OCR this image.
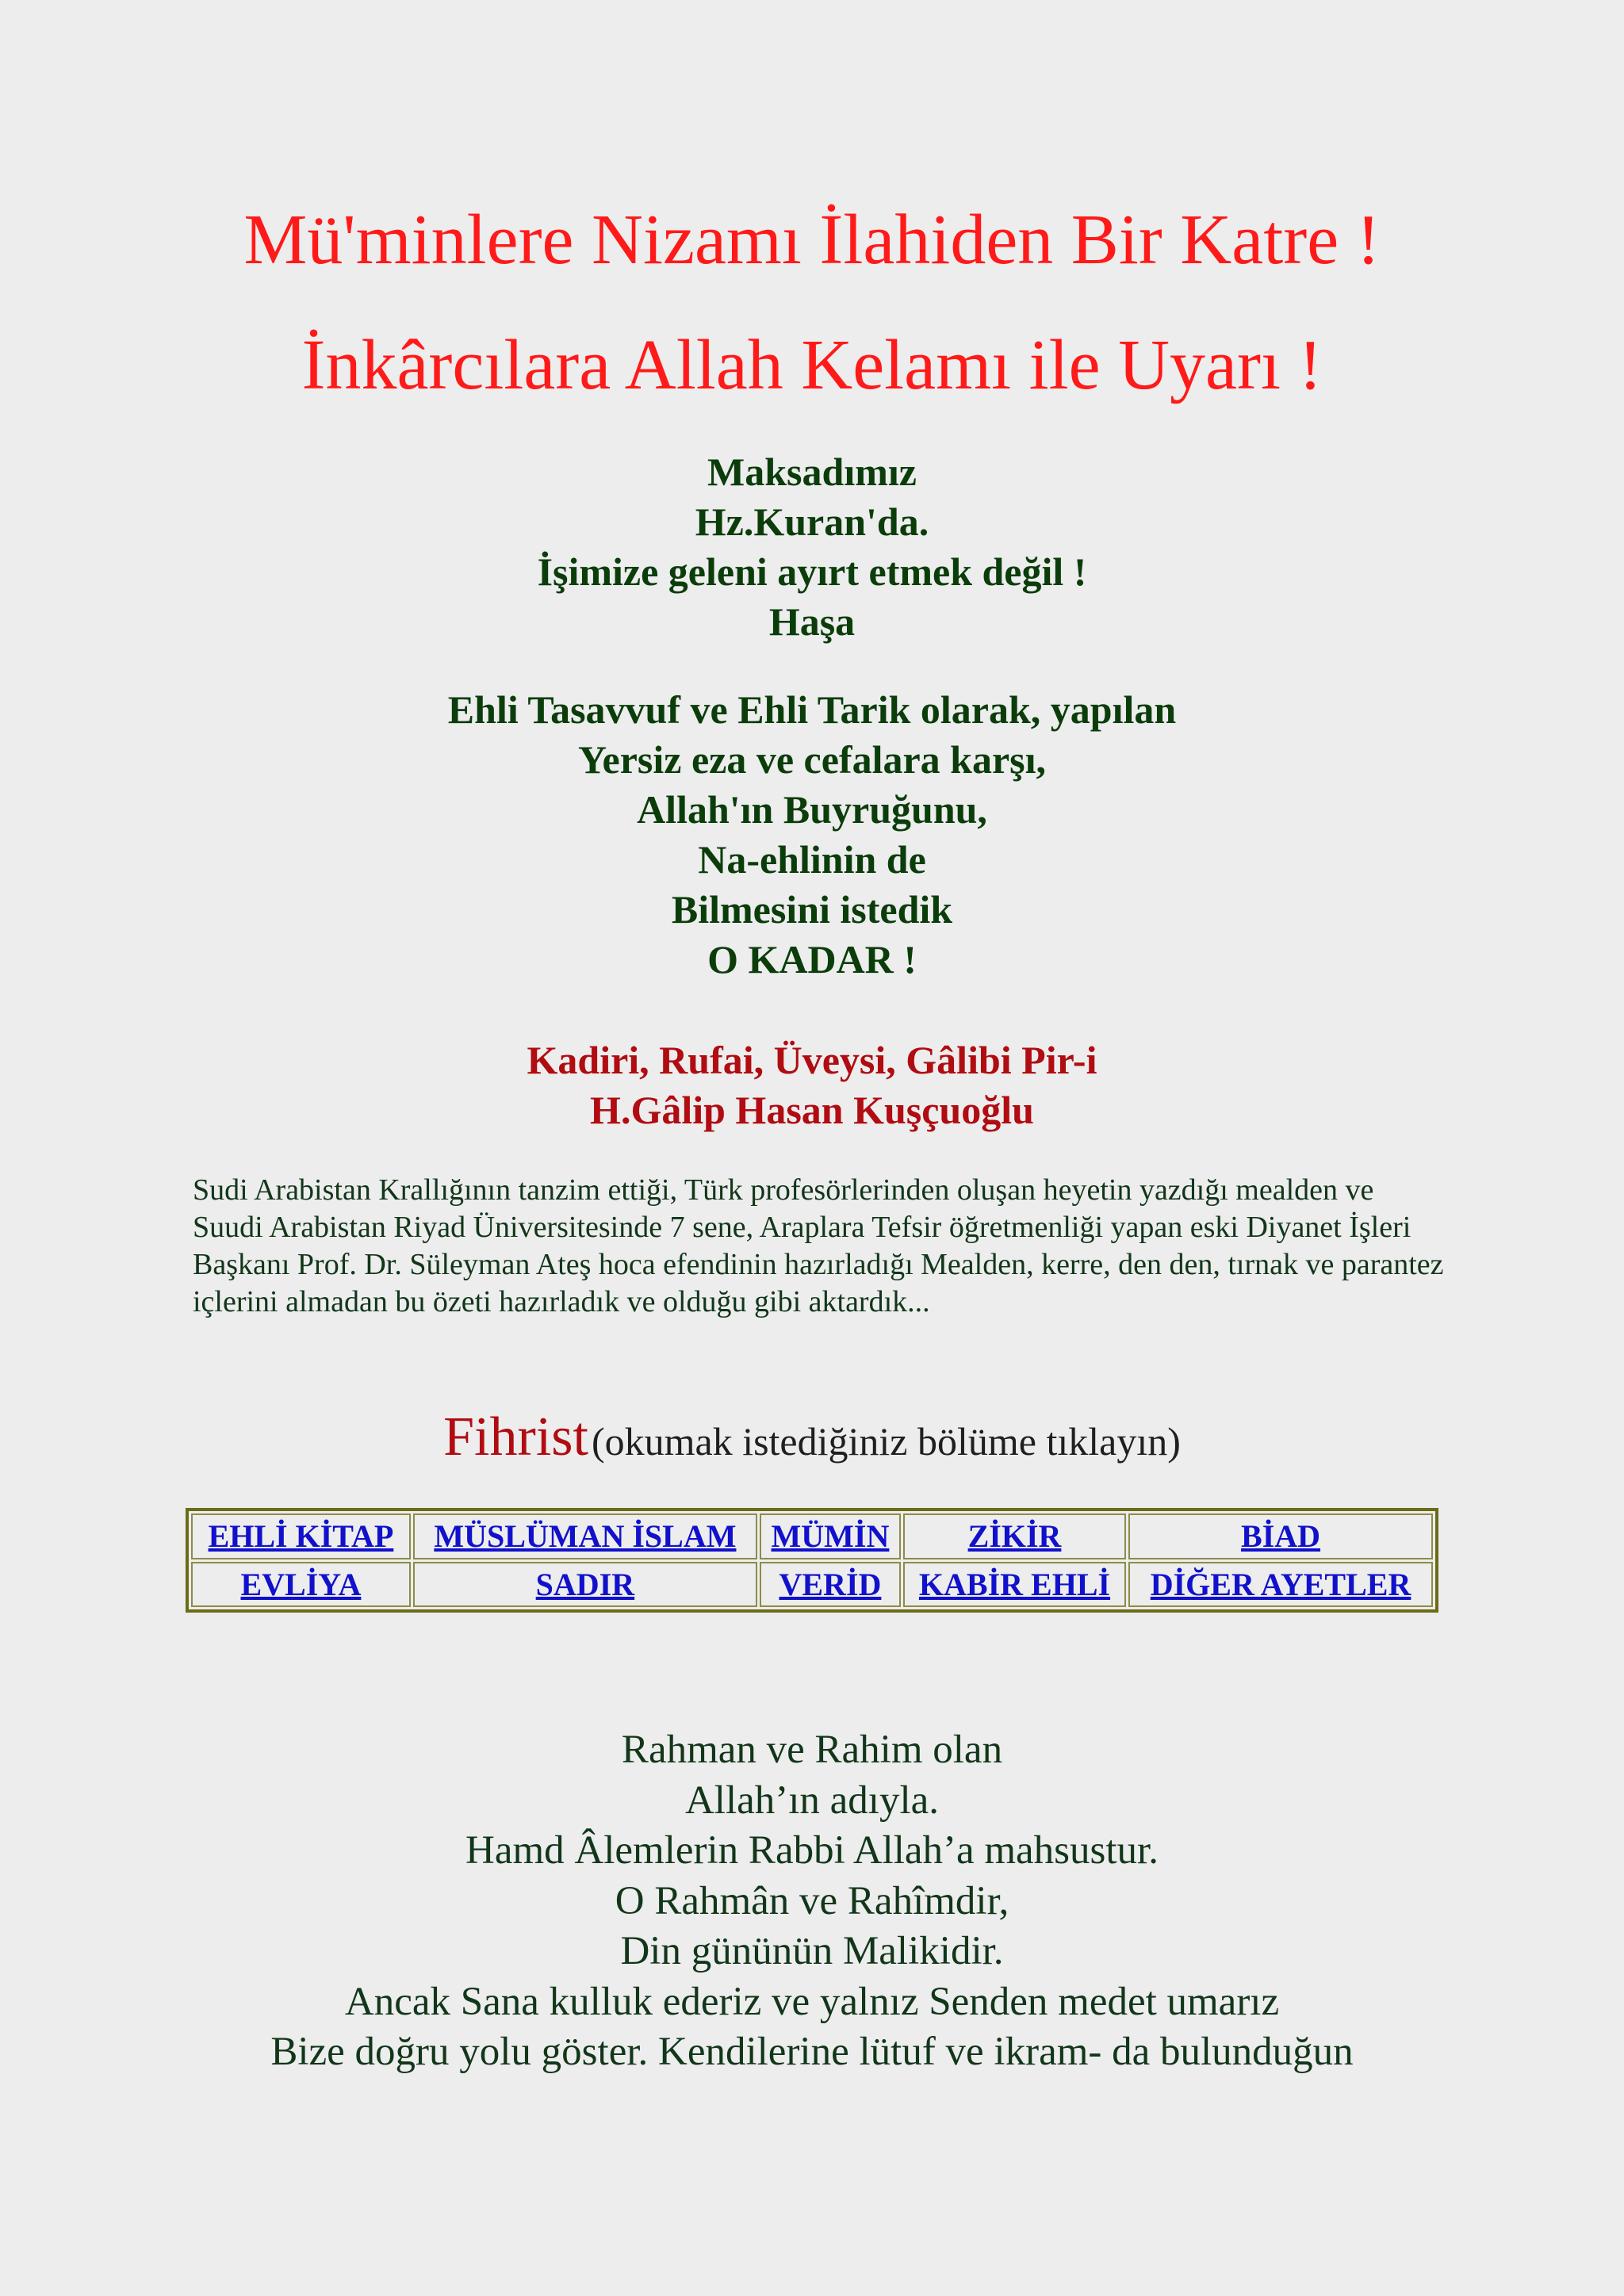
Mü'minlere Nizamı İlahiden Bir Katre !
İnkârcılara Allah Kelamı ile Uyarı !
Maksadımız
Hz.Kuran'da.
İşimize geleni ayırt etmek değil !
Haşa
Ehli Tasavvuf ve Ehli Tarik olarak, yapılan
Yersiz eza ve cefalara karşı,
Allah'ın Buyruğunu,
Na-ehlinin de
Bilmesini istedik
O KADAR !
Kadiri, Rufai, Üveysi, Gâlibi Pir-i
H.Gâlip Hasan Kuşçuoğlu
Sudi Arabistan Krallığının tanzim ettiği, Türk profesörlerinden oluşan heyetin yazdığı mealden ve Suudi Arabistan Riyad Üniversitesinde 7 sene, Araplara Tefsir öğretmenliği yapan eski Diyanet İşleri Başkanı Prof. Dr. Süleyman Ateş hoca efendinin hazırladığı Mealden, kerre, den den, tırnak ve parantez içlerini almadan bu özeti hazırladık ve olduğu gibi aktardık...
Fihrist (okumak istediğiniz bölüme tıklayın)
EHLİ KİTAP	MÜSLÜMAN İSLAM	MÜMİN	ZİKİR	BİAD
EVLİYA	SADIR	VERİD	KABİR EHLİ	DİĞER AYETLER
Rahman ve Rahim olan
Allah’ın adıyla.
Hamd Âlemlerin Rabbi Allah’a mahsustur.
O Rahmân ve Rahîmdir,
Din gününün Malikidir.
Ancak Sana kulluk ederiz ve yalnız Senden medet umarız
Bize doğru yolu göster. Kendilerine lütuf ve ikram- da bulunduğun
